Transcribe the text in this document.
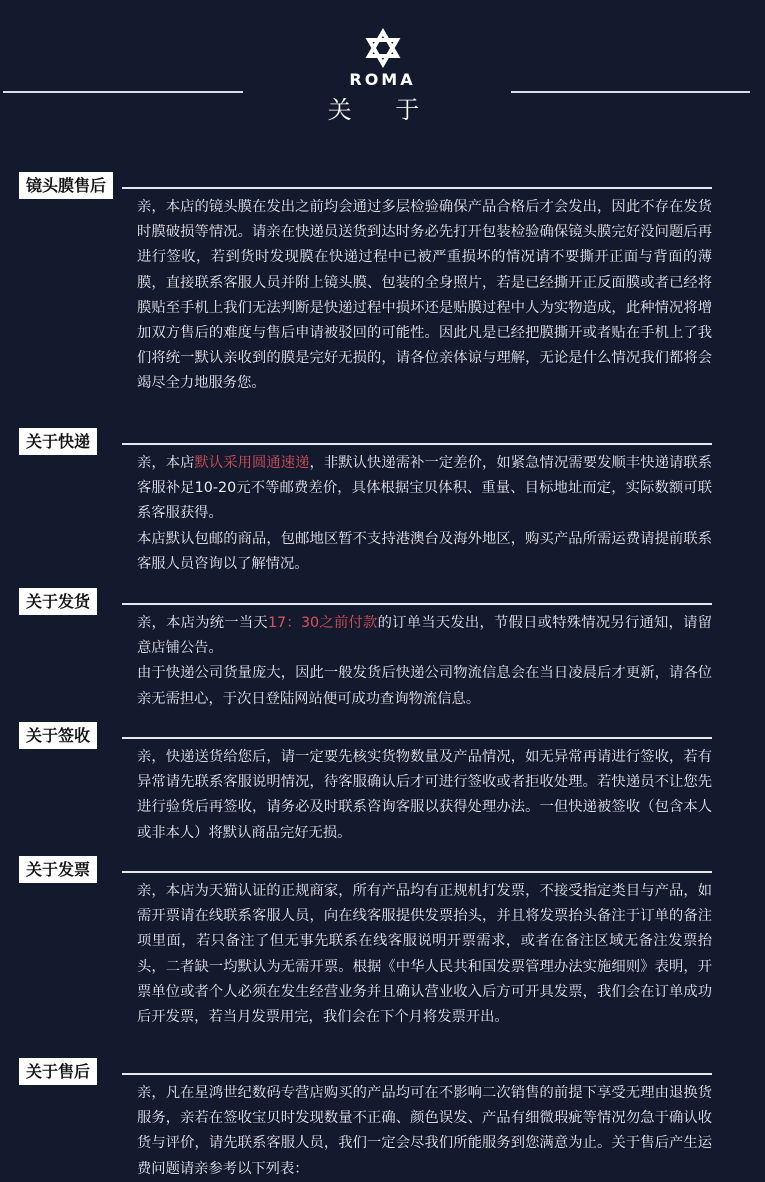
ROMA
关 于
镜头膜售后

亲，本店的镜头膜在发出之前均会通过多层检验确保产品合格后才会发出，因此不存在发货时膜破损等情况。请亲在快递员送货到达时务必先打开包装检验确保镜头膜完好没问题后再进行签收，若到货时发现膜在快递过程中已被严重损坏的情况请不要撕开正面与背面的薄膜，直接联系客服人员并附上镜头膜、包装的全身照片，若是已经撕开正反面膜或者已经将膜贴至手机上我们无法判断是快递过程中损坏还是贴膜过程中人为实物造成，此种情况将增加双方售后的难度与售后申请被驳回的可能性。因此凡是已经把膜撕开或者贴在手机上了我们将统一默认亲收到的膜是完好无损的，请各位亲体谅与理解，无论是什么情况我们都将会竭尽全力地服务您。

关于快递

亲，本店默认采用圆通速递，非默认快递需补一定差价，如紧急情况需要发顺丰快递请联系客服补足10-20元不等邮费差价，具体根据宝贝体积、重量、目标地址而定，实际数额可联系客服获得。

本店默认包邮的商品，包邮地区暂不支持港澳台及海外地区，购买产品所需运费请提前联系客服人员咨询以了解情况。

关于发货

亲，本店为统一当天17：30之前付款的订单当天发出，节假日或特殊情况另行通知，请留意店铺公告。

由于快递公司货量庞大，因此一般发货后快递公司物流信息会在当日凌晨后才更新，请各位亲无需担心，于次日登陆网站便可成功查询物流信息。

关于签收

亲，快递送货给您后，请一定要先核实货物数量及产品情况，如无异常再请进行签收，若有异常请先联系客服说明情况，待客服确认后才可进行签收或者拒收处理。若快递员不让您先进行验货后再签收，请务必及时联系咨询客服以获得处理办法。一但快递被签收（包含本人或非本人）将默认商品完好无损。

关于发票

亲，本店为天猫认证的正规商家，所有产品均有正规机打发票，不接受指定类目与产品，如需开票请在线联系客服人员，向在线客服提供发票抬头，并且将发票抬头备注于订单的备注项里面，若只备注了但无事先联系在线客服说明开票需求，或者在备注区域无备注发票抬头，二者缺一均默认为无需开票。根据《中华人民共和国发票管理办法实施细则》表明，开票单位或者个人必须在发生经营业务并且确认营业收入后方可开具发票，我们会在订单成功后开发票，若当月发票用完，我们会在下个月将发票开出。

关于售后

亲，凡在星鸿世纪数码专营店购买的产品均可在不影响二次销售的前提下享受无理由退换货服务，亲若在签收宝贝时发现数量不正确、颜色误发、产品有细微瑕疵等情况勿急于确认收货与评价，请先联系客服人员，我们一定会尽我们所能服务到您满意为止。关于售后产生运费问题请亲参考以下列表：
